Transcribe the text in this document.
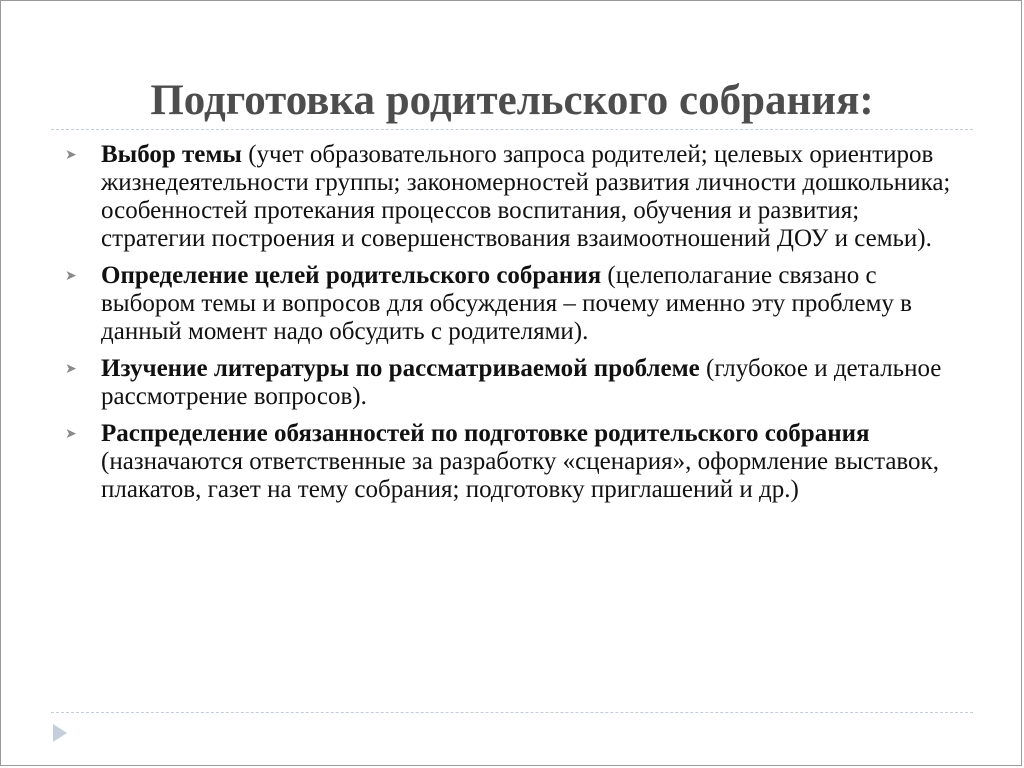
Подготовка родительского собрания:
➤ Выбор темы (учет образовательного запроса родителей; целевых ориентиров жизнедеятельности группы; закономерностей развития личности дошкольника; особенностей протекания процессов воспитания, обучения и развития; стратегии построения и совершенствования взаимоотношений ДОУ и семьи).
➤ Определение целей родительского собрания (целеполагание связано с выбором темы и вопросов для обсуждения – почему именно эту проблему в данный момент надо обсудить с родителями).
➤ Изучение литературы по рассматриваемой проблеме (глубокое и детальное рассмотрение вопросов).
➤ Распределение обязанностей по подготовке родительского собрания (назначаются ответственные за разработку «сценария», оформление выставок, плакатов, газет на тему собрания; подготовку приглашений и др.)
